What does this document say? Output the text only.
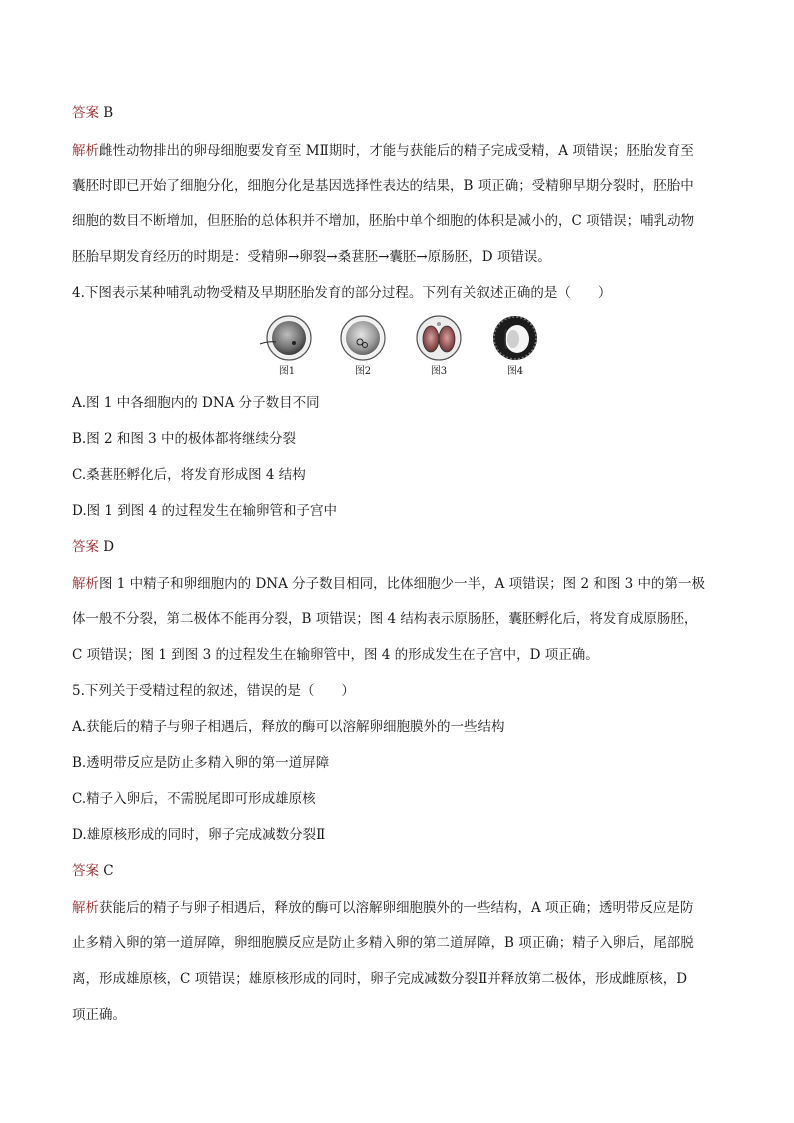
答案 B

解析雌性动物排出的卵母细胞要发育至 MⅡ期时，才能与获能后的精子完成受精，A 项错误；胚胎发育至

囊胚时即已开始了细胞分化，细胞分化是基因选择性表达的结果，B 项正确；受精卵早期分裂时，胚胎中

细胞的数目不断增加，但胚胎的总体积并不增加，胚胎中单个细胞的体积是减小的，C 项错误；哺乳动物

胚胎早期发育经历的时期是：受精卵→卵裂→桑葚胚→囊胚→原肠胚，D 项错误。

4.下图表示某种哺乳动物受精及早期胚胎发育的部分过程。下列有关叙述正确的是（　　）

图1	图2	图3	图4

A.图 1 中各细胞内的 DNA 分子数目不同

B.图 2 和图 3 中的极体都将继续分裂

C.桑葚胚孵化后，将发育形成图 4 结构

D.图 1 到图 4 的过程发生在输卵管和子宫中

答案 D

解析图 1 中精子和卵细胞内的 DNA 分子数目相同，比体细胞少一半，A 项错误；图 2 和图 3 中的第一极

体一般不分裂，第二极体不能再分裂，B 项错误；图 4 结构表示原肠胚，囊胚孵化后，将发育成原肠胚，

C 项错误；图 1 到图 3 的过程发生在输卵管中，图 4 的形成发生在子宫中，D 项正确。

5.下列关于受精过程的叙述，错误的是（　　）

A.获能后的精子与卵子相遇后，释放的酶可以溶解卵细胞膜外的一些结构

B.透明带反应是防止多精入卵的第一道屏障

C.精子入卵后，不需脱尾即可形成雄原核

D.雄原核形成的同时，卵子完成减数分裂Ⅱ

答案 C

解析获能后的精子与卵子相遇后，释放的酶可以溶解卵细胞膜外的一些结构，A 项正确；透明带反应是防

止多精入卵的第一道屏障，卵细胞膜反应是防止多精入卵的第二道屏障，B 项正确；精子入卵后，尾部脱

离，形成雄原核，C 项错误；雄原核形成的同时，卵子完成减数分裂Ⅱ并释放第二极体，形成雌原核，D

项正确。
